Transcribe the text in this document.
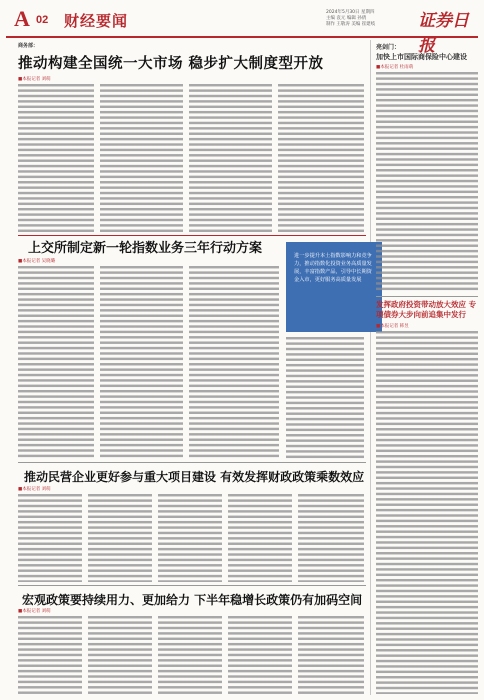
A 02 财经要闻	2024年5月30日 星期四
主编 袁元 编辑 孙倩
制作 王敬涛 美编 崔建岐	证券日报
商务部：
推动构建全国统一大市场 稳步扩大制度型开放
■本报记者 刘萌
上交所制定新一轮指数业务三年行动方案
■本报记者 吴晓璐
进一步提升本土指数影响力和竞争力，推动指数化投资业务高质量发展，丰富指数产品，引导中长期资金入市，更好服务高质量发展
推动民营企业更好参与重大项目建设 有效发挥财政政策乘数效应
■本报记者 刘萌
宏观政策要持续用力、更加给力 下半年稳增长政策仍有加码空间
■本报记者 刘萌
亮剑门：
加快上市国际商保险中心建设
■本报记者 杜雨萌
发挥政府投资带动放大效应 专项债券大步向前追集中发行
■本报记者 韩昱
